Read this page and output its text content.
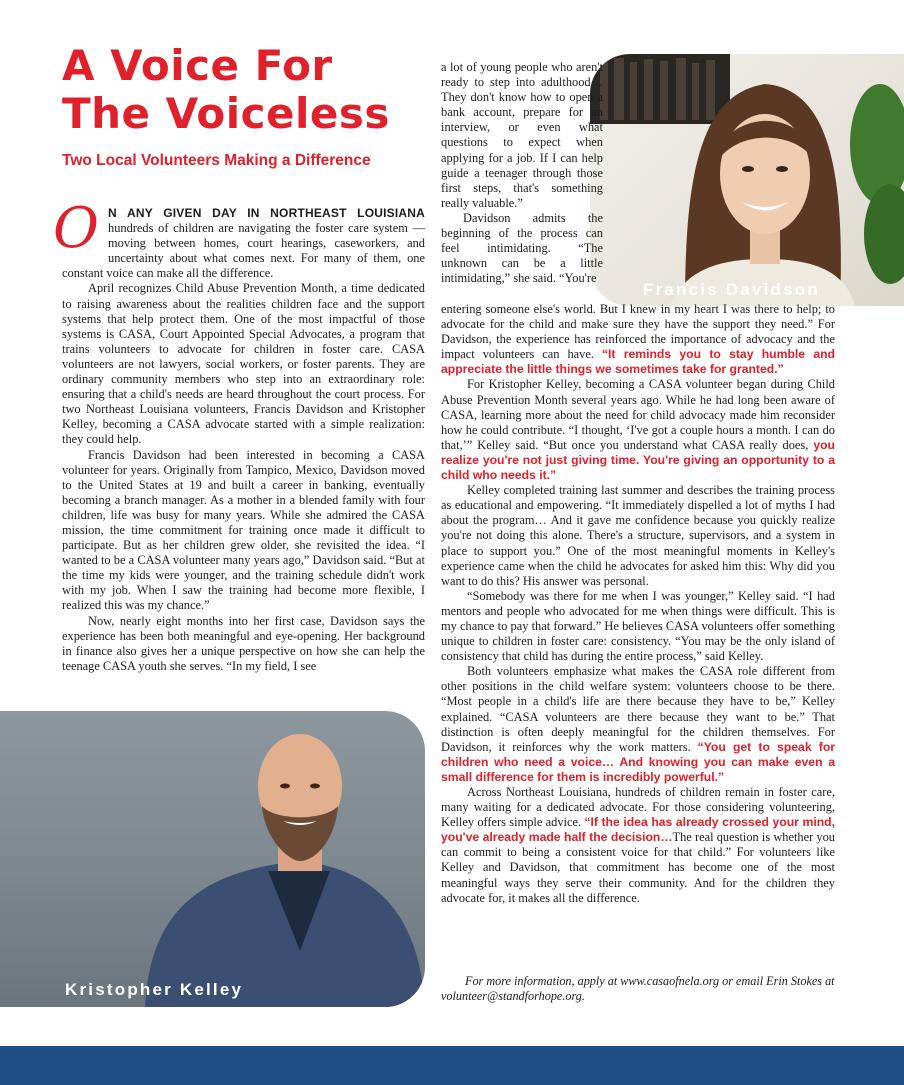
A Voice For The Voiceless
Two Local Volunteers Making a Difference
Francis Davidson
Kristopher Kelley

O N ANY GIVEN DAY IN NORTHEAST LOUISIANA hundreds of children are navigating the foster care system — moving between homes, court hearings, caseworkers, and uncertainty about what comes next. For many of them, one constant voice can make all the difference.

April recognizes Child Abuse Prevention Month, a time dedicated to raising awareness about the realities children face and the support systems that help protect them. One of the most impactful of those systems is CASA, Court Appointed Special Advocates, a program that trains volunteers to advocate for children in foster care. CASA volunteers are not lawyers, social workers, or foster parents. They are ordinary community members who step into an extraordinary role: ensuring that a child's needs are heard throughout the court process. For two Northeast Louisiana volunteers, Francis Davidson and Kristopher Kelley, becoming a CASA advocate started with a simple realization: they could help.

Francis Davidson had been interested in becoming a CASA volunteer for years. Originally from Tampico, Mexico, Davidson moved to the United States at 19 and built a career in banking, eventually becoming a branch manager. As a mother in a blended family with four children, life was busy for many years. While she admired the CASA mission, the time commitment for training once made it difficult to participate. But as her children grew older, she revisited the idea. “I wanted to be a CASA volunteer many years ago,” Davidson said. “But at the time my kids were younger, and the training schedule didn't work with my job. When I saw the training had become more flexible, I realized this was my chance.”

Now, nearly eight months into her first case, Davidson says the experience has been both meaningful and eye-opening. Her background in finance also gives her a unique perspective on how she can help the teenage CASA youth she serves. “In my field, I see

a lot of young people who aren't ready to step into adulthood… They don't know how to open a bank account, prepare for an interview, or even what questions to expect when applying for a job. If I can help guide a teenager through those first steps, that's something really valuable.”

Davidson admits the beginning of the process can feel intimidating. “The unknown can be a little intimidating,” she said. “You're

entering someone else's world. But I knew in my heart I was there to help; to advocate for the child and make sure they have the support they need.” For Davidson, the experience has reinforced the importance of advocacy and the impact volunteers can have. “It reminds you to stay humble and appreciate the little things we sometimes take for granted.”

For Kristopher Kelley, becoming a CASA volunteer began during Child Abuse Prevention Month several years ago. While he had long been aware of CASA, learning more about the need for child advocacy made him reconsider how he could contribute. “I thought, ‘I've got a couple hours a month. I can do that,’” Kelley said. “But once you understand what CASA really does, you realize you're not just giving time. You're giving an opportunity to a child who needs it.”

Kelley completed training last summer and describes the training process as educational and empowering. “It immediately dispelled a lot of myths I had about the program… And it gave me confidence because you quickly realize you're not doing this alone. There's a structure, supervisors, and a system in place to support you.” One of the most meaningful moments in Kelley's experience came when the child he advocates for asked him this: Why did you want to do this? His answer was personal.

“Somebody was there for me when I was younger,” Kelley said. “I had mentors and people who advocated for me when things were difficult. This is my chance to pay that forward.” He believes CASA volunteers offer something unique to children in foster care: consistency. “You may be the only island of consistency that child has during the entire process,” said Kelley.

Both volunteers emphasize what makes the CASA role different from other positions in the child welfare system: volunteers choose to be there. “Most people in a child's life are there because they have to be,” Kelley explained. “CASA volunteers are there because they want to be.” That distinction is often deeply meaningful for the children themselves. For Davidson, it reinforces why the work matters. “You get to speak for children who need a voice… And knowing you can make even a small difference for them is incredibly powerful.”

Across Northeast Louisiana, hundreds of children remain in foster care, many waiting for a dedicated advocate. For those considering volunteering, Kelley offers simple advice. “If the idea has already crossed your mind, you've already made half the decision…The real question is whether you can commit to being a consistent voice for that child.” For volunteers like Kelley and Davidson, that commitment has become one of the most meaningful ways they serve their community. And for the children they advocate for, it makes all the difference.

For more information, apply at www.casaofnela.org or email Erin Stokes at volunteer@standforhope.org.
